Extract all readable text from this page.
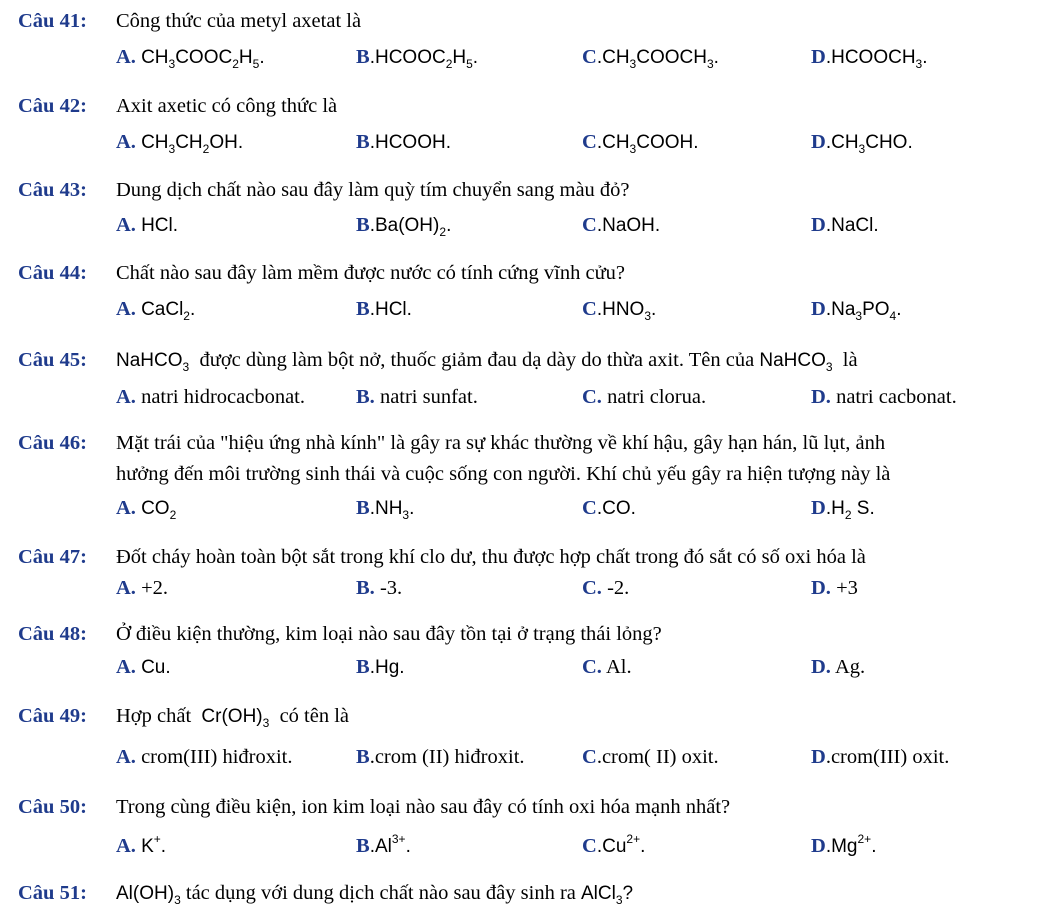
Câu 41: Công thức của metyl axetat là
A. $CH_3COOC_2H_5$.	$B.HCOOC_2H_5$.	$C.CH_3COOCH_3$.	$D.HCOOCH_3$.
Câu 42: Axit axetic có công thức là
A. $CH_3CH_2OH$.	B.HCOOH.	$C.CH_3COOH$.	$D.CH_3CHO$.
Câu 43: Dung dịch chất nào sau đây làm quỳ tím chuyển sang màu đỏ?
A. HCl.	$B.Ba(OH)_2$.	C.NaOH.	D.NaCl.
Câu 44: Chất nào sau đây làm mềm được nước có tính cứng vĩnh cửu?
A. CaCl$_2$.	B.HCl.	$C.HNO_3$.	$D.Na_3PO_4$.
Câu 45: NaHCO$_3$ được dùng làm bột nở, thuốc giảm đau dạ dày do thừa axit. Tên của NaHCO$_3$ là
A. natri hidrocacbonat. B. natri sunfat.	C. natri clorua.	D. natri cacbonat.
Câu 46: Mặt trái của "hiệu ứng nhà kính" là gây ra sự khác thường về khí hậu, gây hạn hán, lũ lụt, ảnh
hưởng đến môi trường sinh thái và cuộc sống con người. Khí chủ yếu gây ra hiện tượng này là
A. $CO_2$	$B.NH_3$.	C.CO.	$D.H_2$ S.
Câu 47: Đốt cháy hoàn toàn bột sắt trong khí clo dư, thu được hợp chất trong đó sắt có số oxi hóa là
A. +2.	B. -3.	C. -2.	D. +3
Câu 48: Ở điều kiện thường, kim loại nào sau đây tồn tại ở trạng thái lỏng?
A. Cu.	B.Hg.	C. Al.	D. Ag.
Câu 49: Hợp chất $Cr(OH)_3$ có tên là
A. crom(III) hiđroxit.	B.crom (II) hiđroxit.	C.crom( II) oxit.	D.crom(III) oxit.
Câu 50: Trong cùng điều kiện, ion kim loại nào sau đây có tính oxi hóa mạnh nhất?
A. K+.	$B.Al^{3+}$.	$C.Cu^{2+}$.	$D.Mg^{2+}$.
Câu 51: $Al(OH)_3$ tác dụng với dung dịch chất nào sau đây sinh ra AlCl$_3$?
